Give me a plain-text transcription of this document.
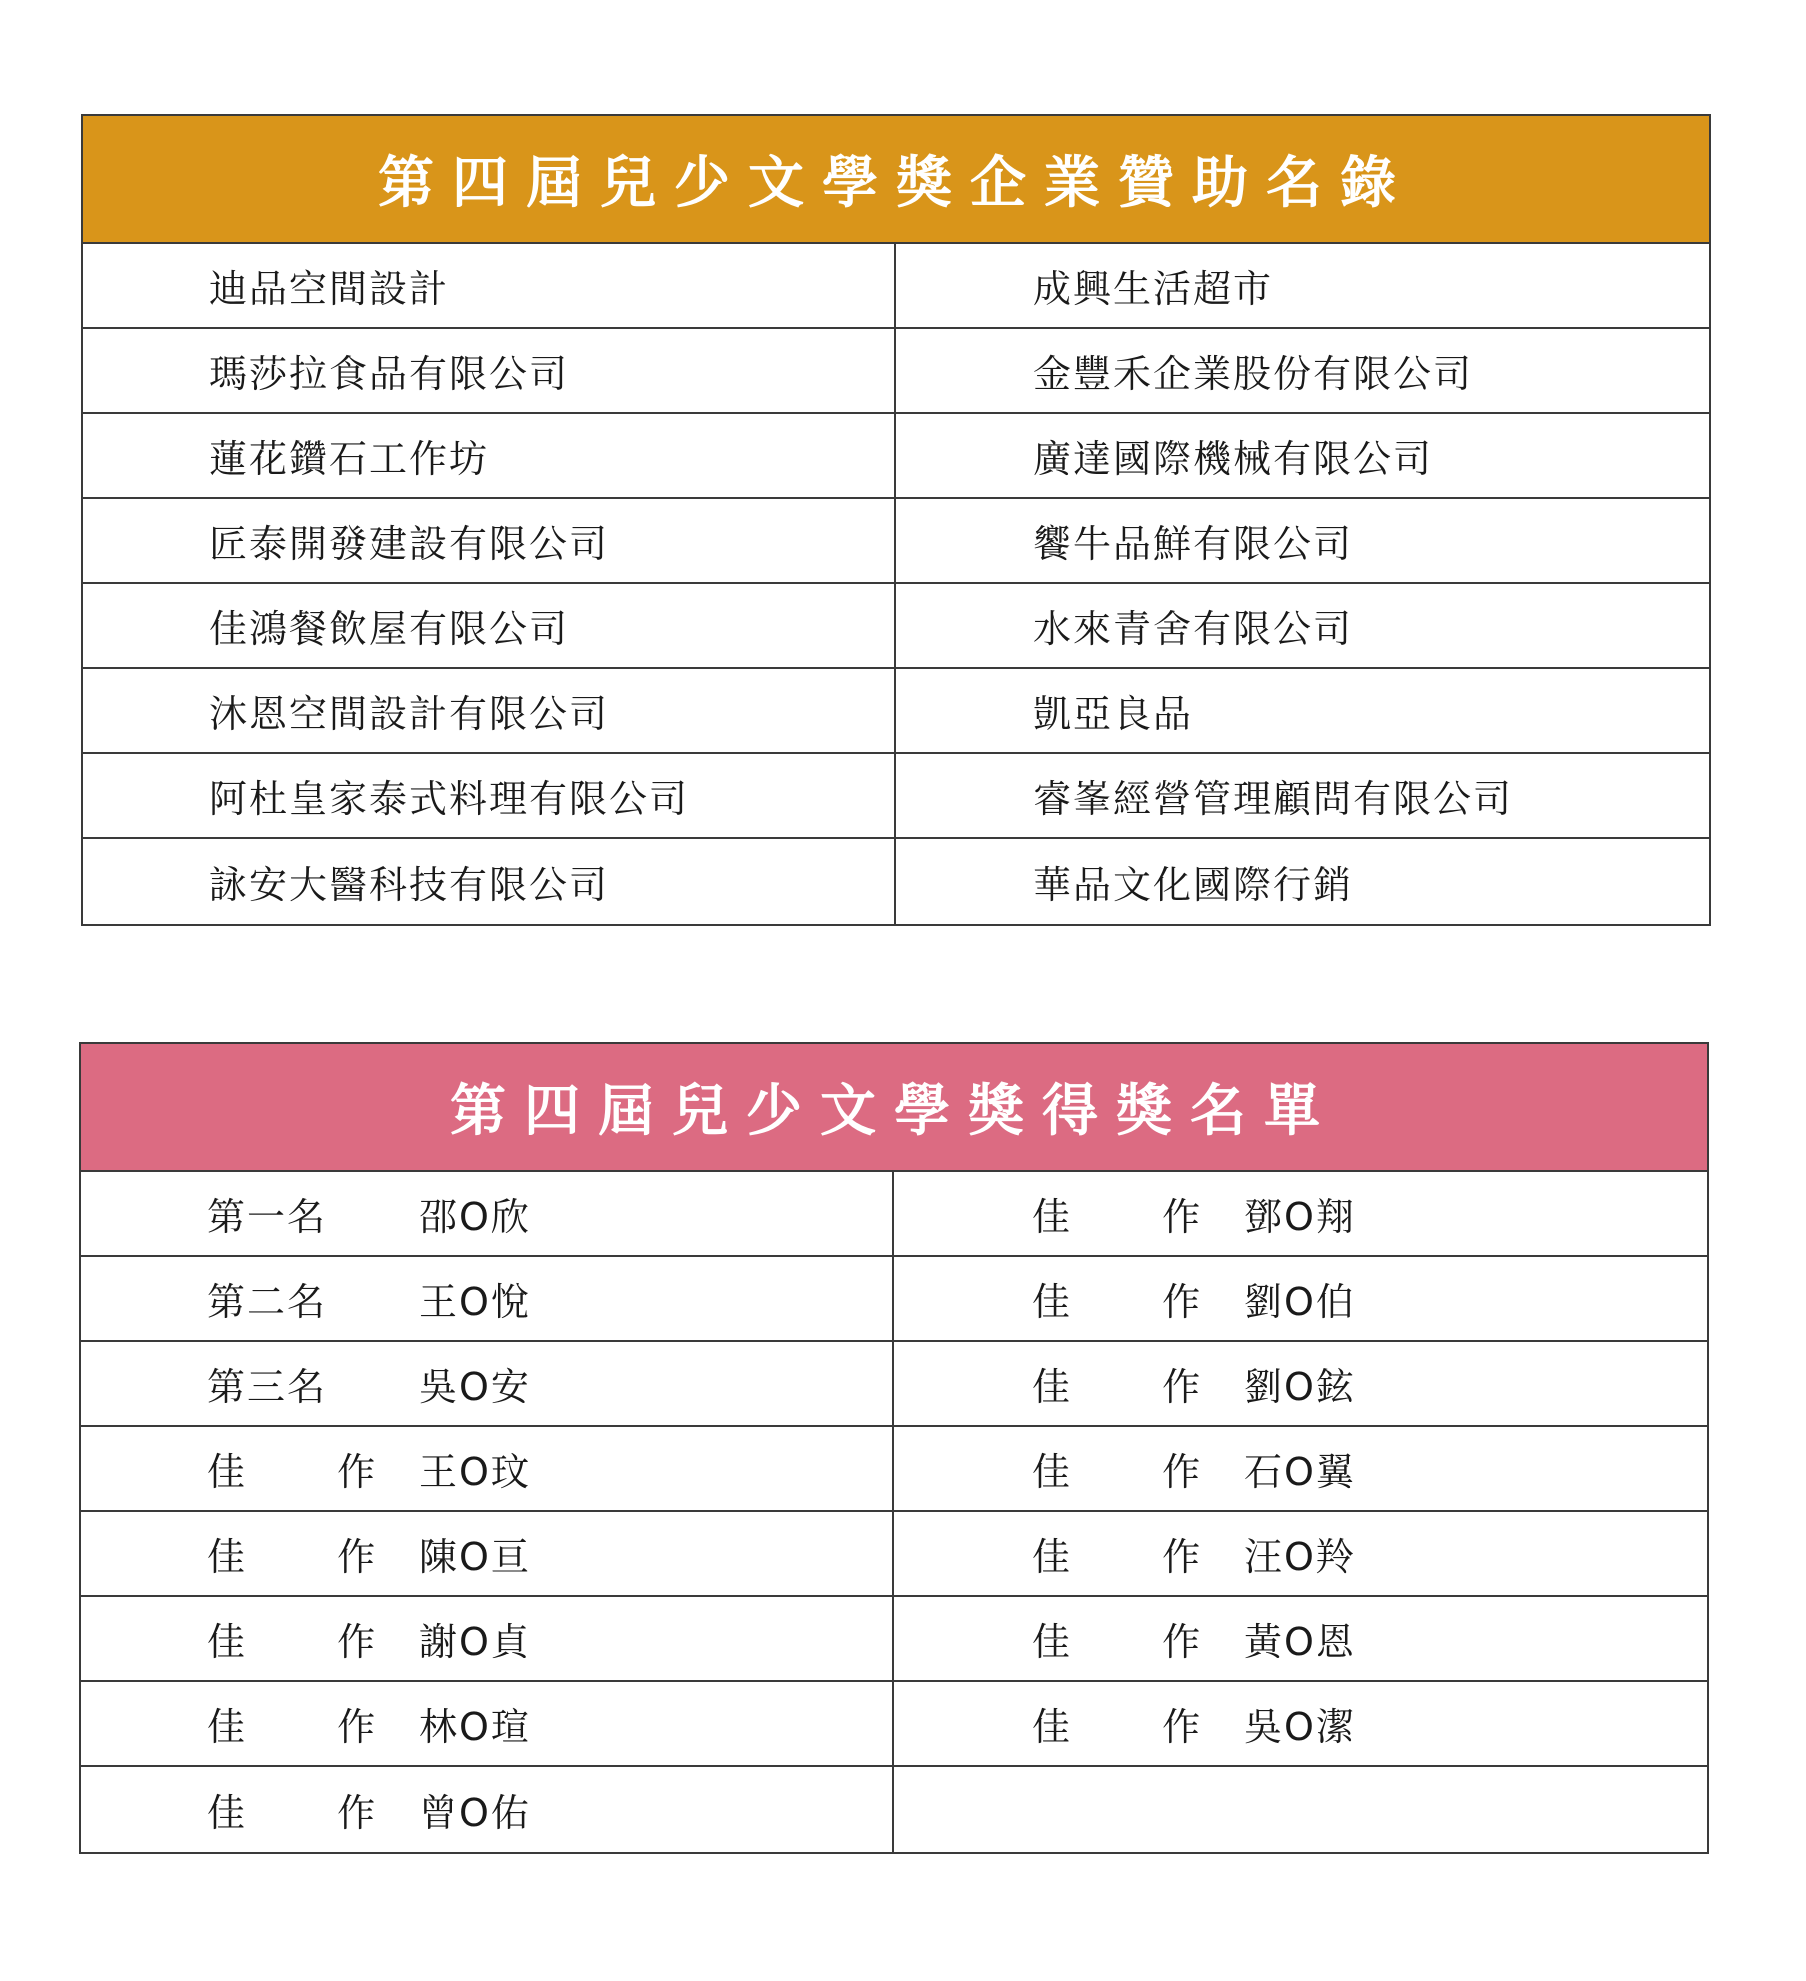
第四屆兒少文學獎企業贊助名錄
迪品空間設計	成興生活超市
瑪莎拉食品有限公司	金豐禾企業股份有限公司
蓮花鑽石工作坊	廣達國際機械有限公司
匠泰開發建設有限公司	饗牛品鮮有限公司
佳鴻餐飲屋有限公司	水來青舍有限公司
沐恩空間設計有限公司	凱亞良品
阿杜皇家泰式料理有限公司	睿峯經營管理顧問有限公司
詠安大醫科技有限公司	華品文化國際行銷
第四屆兒少文學獎得獎名單
第一名	邵O欣	佳 作 鄧O翔
第二名	王O悅	佳 作 劉O伯
第三名	吳O安	佳 作 劉O鉉
佳 作 王O玟	佳 作 石O翼
佳 作 陳O亘	佳 作 汪O羚
佳 作 謝O貞	佳 作 黃O恩
佳 作 林O瑄	佳 作 吳O潔
佳 作 曾O佑
